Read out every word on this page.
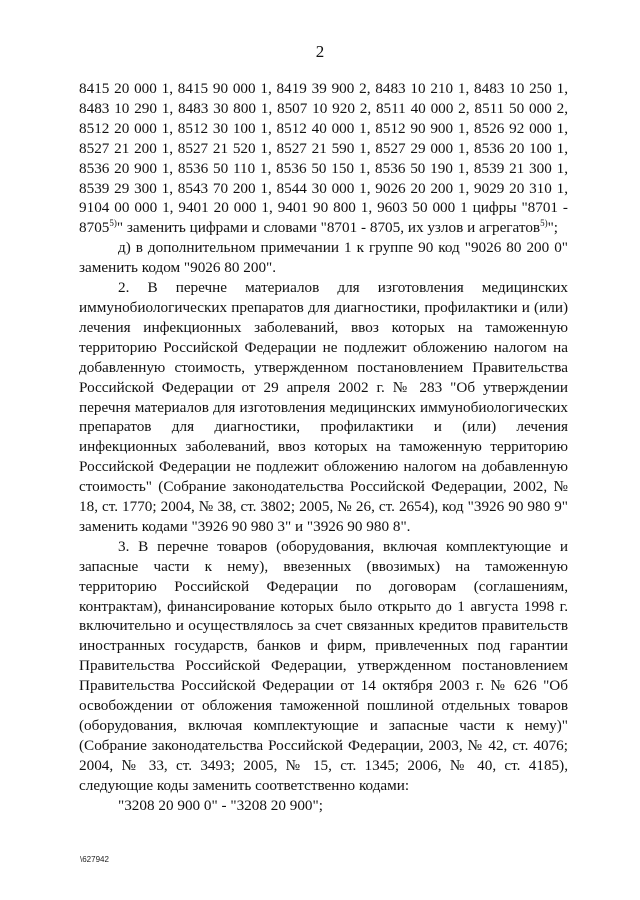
2

8415 20 000 1, 8415 90 000 1, 8419 39 900 2, 8483 10 210 1, 8483 10 250 1,

8483 10 290 1, 8483 30 800 1, 8507 10 920 2, 8511 40 000 2, 8511 50 000 2,

8512 20 000 1, 8512 30 100 1, 8512 40 000 1, 8512 90 900 1, 8526 92 000 1,

8527 21 200 1, 8527 21 520 1, 8527 21 590 1, 8527 29 000 1, 8536 20 100 1,

8536 20 900 1, 8536 50 110 1, 8536 50 150 1, 8536 50 190 1, 8539 21 300 1,

8539 29 300 1, 8543 70 200 1, 8544 30 000 1, 9026 20 200 1, 9029 20 310 1,

9104 00 000 1, 9401 20 000 1, 9401 90 800 1, 9603 50 000 1 цифры "8701 -

8705$^{5)}$" заменить цифрами и словами "8701 - 8705, их узлов и агрегатов$^{5)}$";

д) в дополнительном примечании 1 к группе 90 код "9026 80 200 0" заменить кодом "9026 80 200".

2. В перечне материалов для изготовления медицинских иммунобиологических препаратов для диагностики, профилактики и (или) лечения инфекционных заболеваний, ввоз которых на таможенную территорию Российской Федерации не подлежит обложению налогом на добавленную стоимость, утвержденном постановлением Правительства Российской Федерации от 29 апреля 2002 г. № 283 "Об утверждении перечня материалов для изготовления медицинских иммунобиологических препаратов для диагностики, профилактики и (или) лечения инфекционных заболеваний, ввоз которых на таможенную территорию Российской Федерации не подлежит обложению налогом на добавленную стоимость" (Собрание законодательства Российской Федерации, 2002, № 18, ст. 1770; 2004, № 38, ст. 3802; 2005, № 26, ст. 2654), код "3926 90 980 9" заменить кодами "3926 90 980 3" и "3926 90 980 8".

3. В перечне товаров (оборудования, включая комплектующие и запасные части к нему), ввезенных (ввозимых) на таможенную территорию Российской Федерации по договорам (соглашениям, контрактам), финансирование которых было открыто до 1 августа 1998 г. включительно и осуществлялось за счет связанных кредитов правительств иностранных государств, банков и фирм, привлеченных под гарантии Правительства Российской Федерации, утвержденном постановлением Правительства Российской Федерации от 14 октября 2003 г. № 626 "Об освобождении от обложения таможенной пошлиной отдельных товаров (оборудования, включая комплектующие и запасные части к нему)" (Собрание законодательства Российской Федерации, 2003, № 42, ст. 4076; 2004, № 33, ст. 3493; 2005, № 15, ст. 1345; 2006, № 40, ст. 4185), следующие коды заменить соответственно кодами:

"3208 20 900 0" - "3208 20 900";

\627942
